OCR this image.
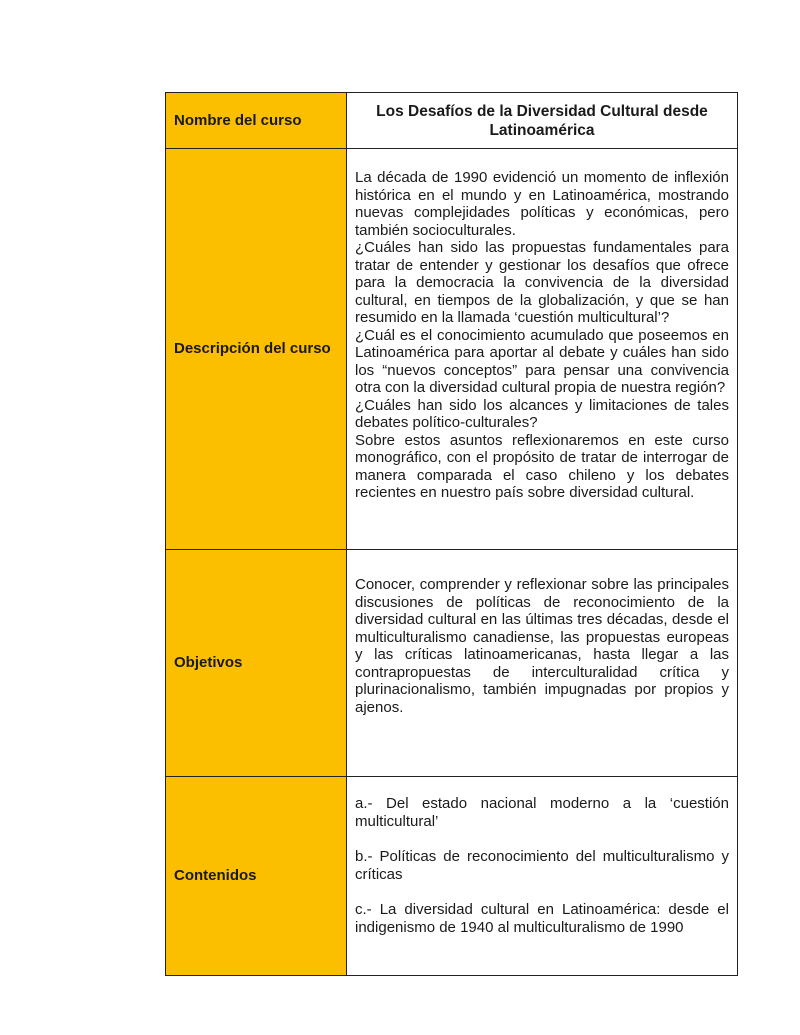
Nombre del curso	Los Desafíos de la Diversidad Cultural desde Latinoamérica
Descripción del curso	La década de 1990 evidenció un momento de inflexión histórica en el mundo y en Latinoamérica, mostrando nuevas complejidades políticas y económicas, pero también socioculturales.

¿Cuáles han sido las propuestas fundamentales para tratar de entender y gestionar los desafíos que ofrece para la democracia la convivencia de la diversidad cultural, en tiempos de la globalización, y que se han resumido en la llamada ‘cuestión multicultural’?

¿Cuál es el conocimiento acumulado que poseemos en Latinoamérica para aportar al debate y cuáles han sido los “nuevos conceptos” para pensar una convivencia otra con la diversidad cultural propia de nuestra región?

¿Cuáles han sido los alcances y limitaciones de tales debates político-culturales?

Sobre estos asuntos reflexionaremos en este curso monográfico, con el propósito de tratar de interrogar de manera comparada el caso chileno y los debates recientes en nuestro país sobre diversidad cultural.

Objetivos	Conocer, comprender y reflexionar sobre las principales discusiones de políticas de reconocimiento de la diversidad cultural en las últimas tres décadas, desde el multiculturalismo canadiense, las propuestas europeas y las críticas latinoamericanas, hasta llegar a las contrapropuestas de interculturalidad crítica y plurinacionalismo, también impugnadas por propios y ajenos.

Contenidos	a.- Del estado nacional moderno a la ‘cuestión multicultural’

b.- Políticas de reconocimiento del multiculturalismo y críticas

c.- La diversidad cultural en Latinoamérica: desde el indigenismo de 1940 al multiculturalismo de 1990
